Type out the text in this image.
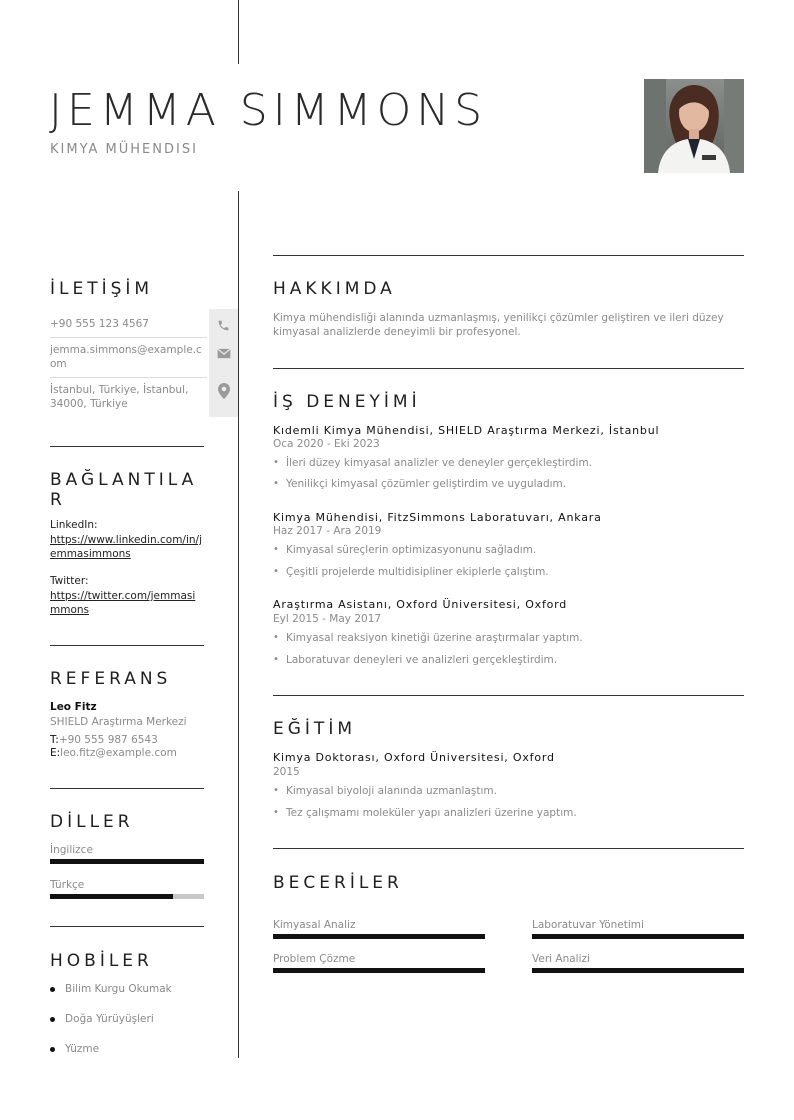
JEMMA SIMMONS
KIMYA MÜHENDISI
İLETİŞİM
+90 555 123 4567
jemma.simmons@example.com
İstanbul, Türkiye, İstanbul, 34000, Türkiye
BAĞLANTILAR
LinkedIn:
https://www.linkedin.com/in/jemmasimmons
Twitter:
https://twitter.com/jemmasimmons
REFERANS
Leo Fitz
SHIELD Araştırma Merkezi
T:+90 555 987 6543
E:leo.fitz@example.com
DİLLER
İngilizce
Türkçe
HOBİLER
Bilim Kurgu Okumak
Doğa Yürüyüşleri
Yüzme
HAKKIMDA
Kimya mühendisliği alanında uzmanlaşmış, yenilikçi çözümler geliştiren ve ileri düzey
kimyasal analizlerde deneyimli bir profesyonel.
İŞ DENEYİMİ
Kıdemli Kimya Mühendisi, SHIELD Araştırma Merkezi, İstanbul
Oca 2020 - Eki 2023
• İleri düzey kimyasal analizler ve deneyler gerçekleştirdim.
• Yenilikçi kimyasal çözümler geliştirdim ve uyguladım.
Kimya Mühendisi, FitzSimmons Laboratuvarı, Ankara
Haz 2017 - Ara 2019
• Kimyasal süreçlerin optimizasyonunu sağladım.
• Çeşitli projelerde multidisipliner ekiplerle çalıştım.
Araştırma Asistanı, Oxford Üniversitesi, Oxford
Eyl 2015 - May 2017
• Kimyasal reaksiyon kinetiği üzerine araştırmalar yaptım.
• Laboratuvar deneyleri ve analizleri gerçekleştirdim.
EĞİTİM
Kimya Doktorası, Oxford Üniversitesi, Oxford
2015
• Kimyasal biyoloji alanında uzmanlaştım.
• Tez çalışmamı moleküler yapı analizleri üzerine yaptım.
BECERİLER
Kimyasal Analiz	Laboratuvar Yönetimi
Problem Çözme	Veri Analizi
